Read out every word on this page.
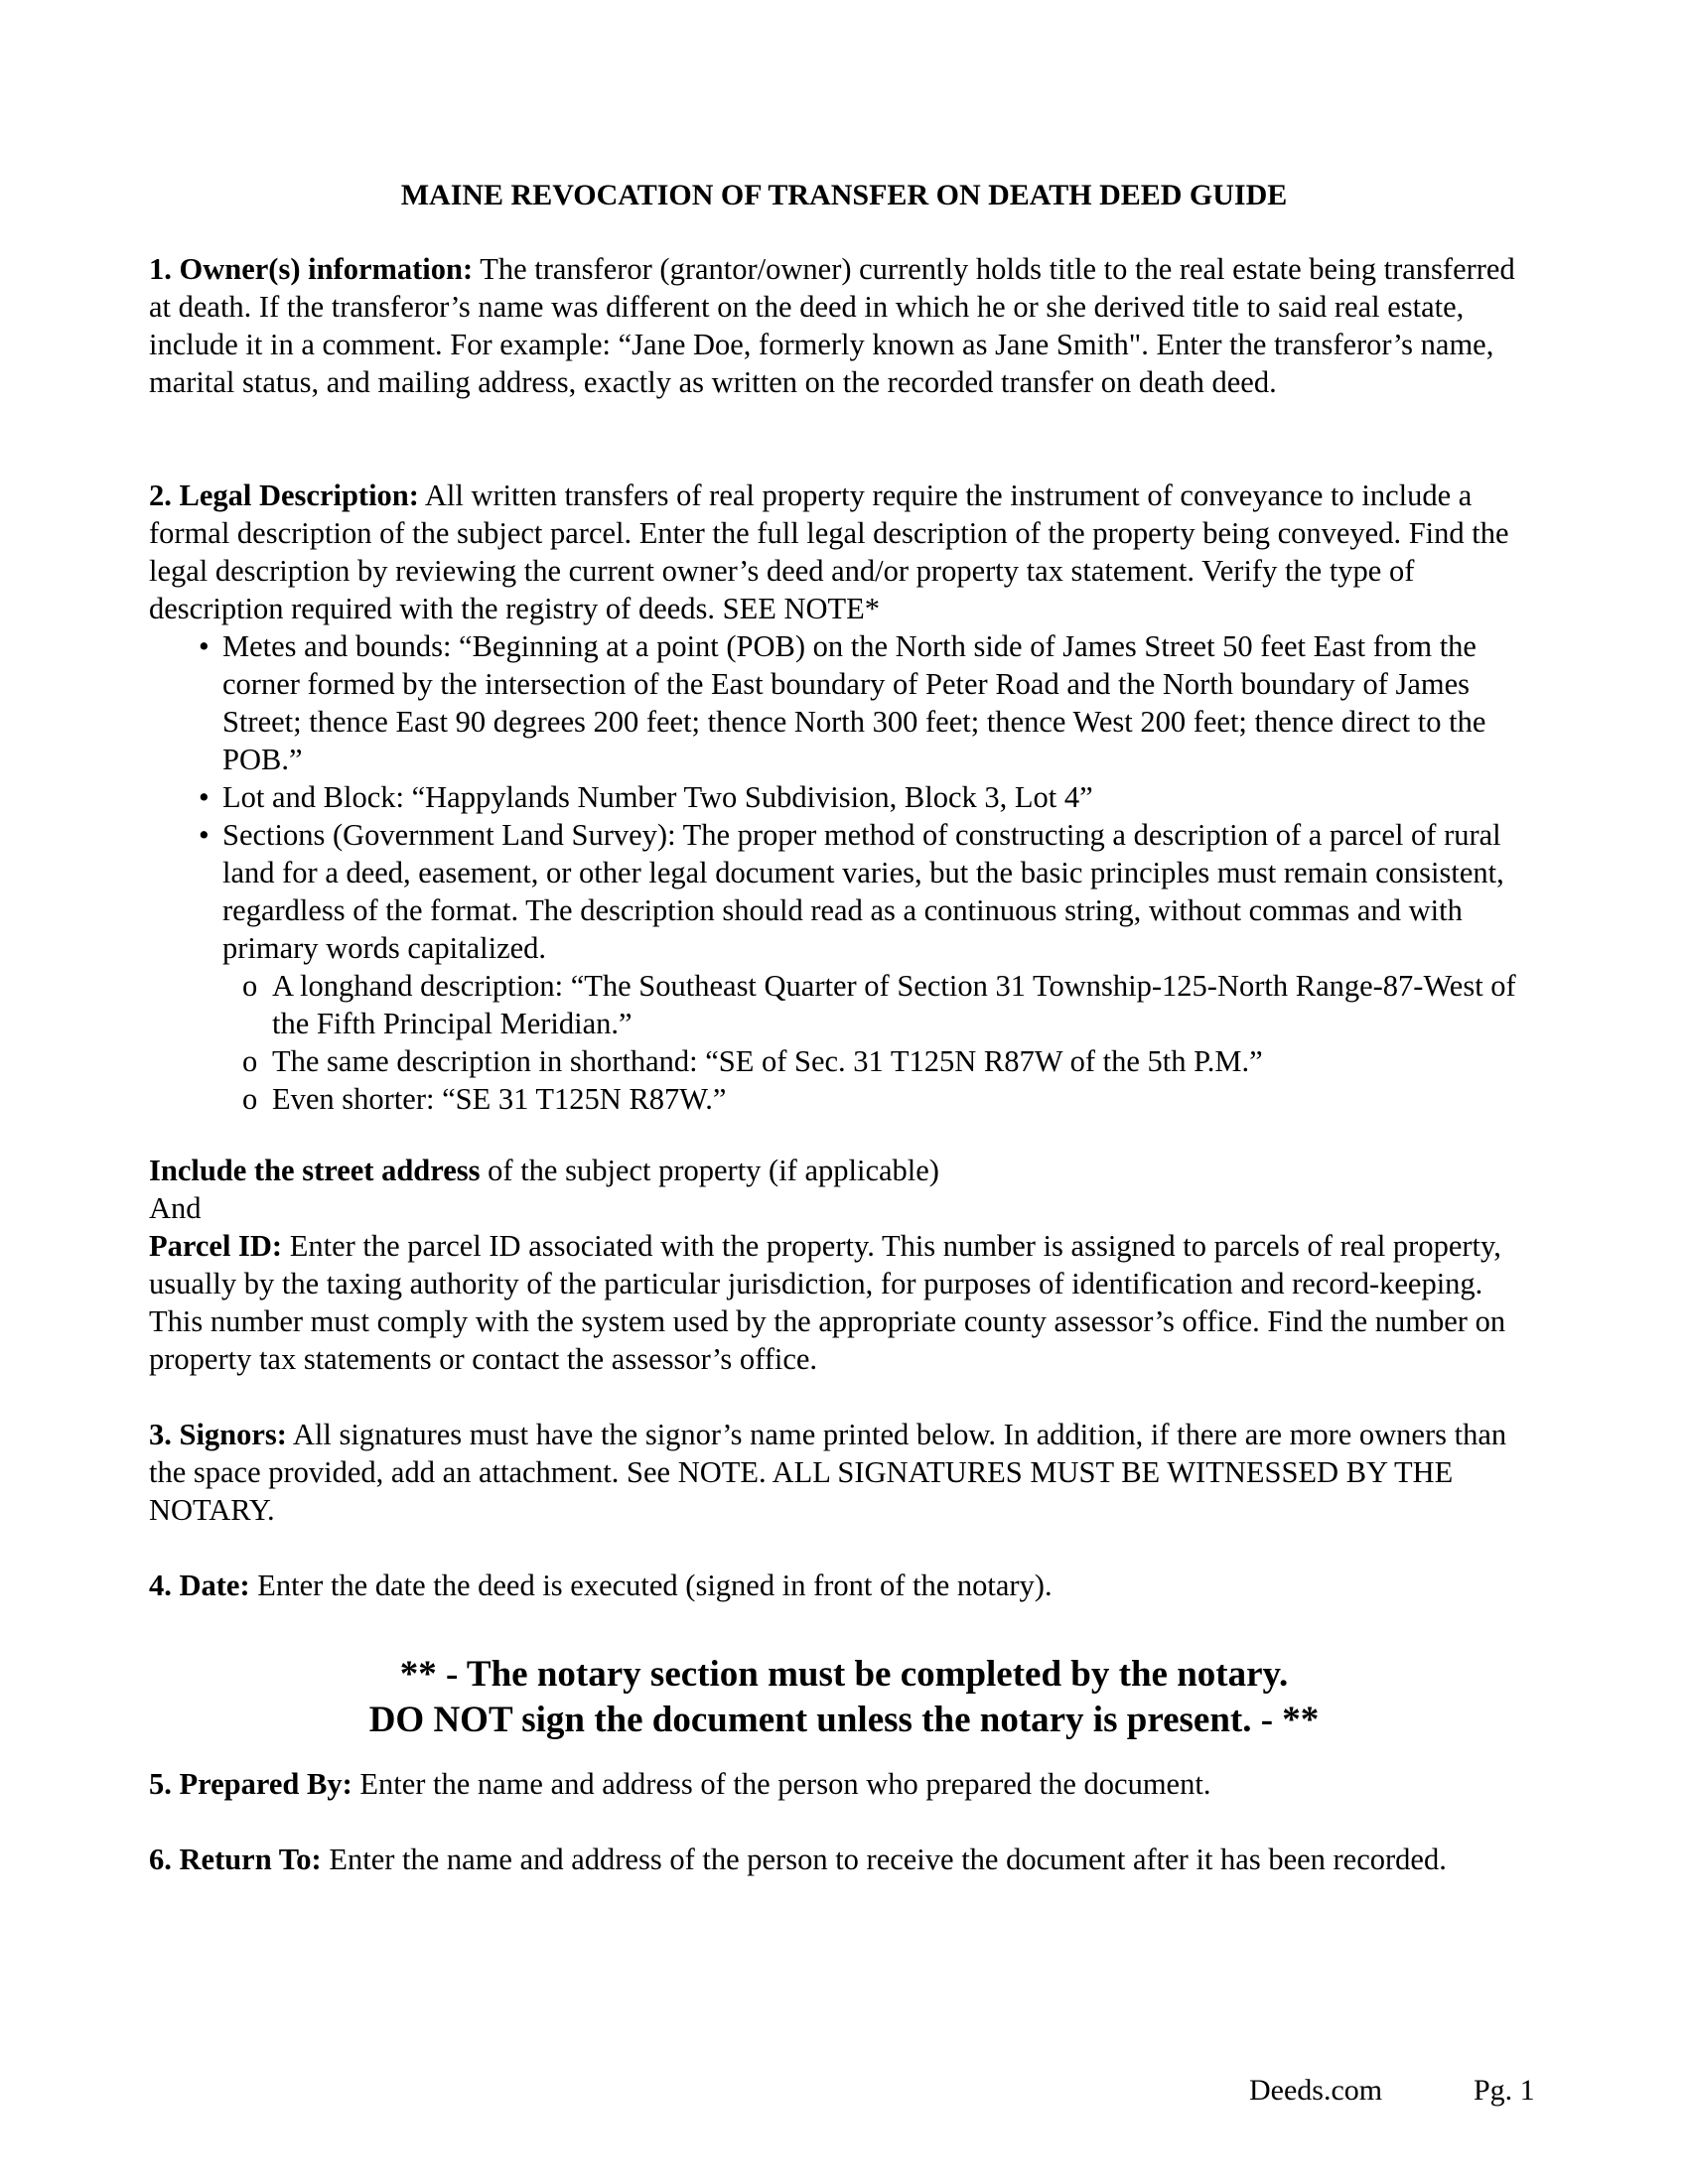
MAINE REVOCATION OF TRANSFER ON DEATH DEED GUIDE

1. Owner(s) information: The transferor (grantor/owner) currently holds title to the real estate being transferred at death. If the transferor’s name was different on the deed in which he or she derived title to said real estate, include it in a comment. For example: “Jane Doe, formerly known as Jane Smith". Enter the transferor’s name, marital status, and mailing address, exactly as written on the recorded transfer on death deed.

2. Legal Description: All written transfers of real property require the instrument of conveyance to include a formal description of the subject parcel. Enter the full legal description of the property being conveyed. Find the legal description by reviewing the current owner’s deed and/or property tax statement. Verify the type of description required with the registry of deeds. SEE NOTE*

• Metes and bounds: “Beginning at a point (POB) on the North side of James Street 50 feet East from the corner formed by the intersection of the East boundary of Peter Road and the North boundary of James Street; thence East 90 degrees 200 feet; thence North 300 feet; thence West 200 feet; thence direct to the POB.”
• Lot and Block: “Happylands Number Two Subdivision, Block 3, Lot 4”
• Sections (Government Land Survey): The proper method of constructing a description of a parcel of rural land for a deed, easement, or other legal document varies, but the basic principles must remain consistent, regardless of the format. The description should read as a continuous string, without commas and with primary words capitalized.
o A longhand description: “The Southeast Quarter of Section 31 Township-125-North Range-87-West of the Fifth Principal Meridian.”
o The same description in shorthand: “SE of Sec. 31 T125N R87W of the 5th P.M.”
o Even shorter: “SE 31 T125N R87W.”

Include the street address of the subject property (if applicable)

And

Parcel ID: Enter the parcel ID associated with the property. This number is assigned to parcels of real property, usually by the taxing authority of the particular jurisdiction, for purposes of identification and record-keeping. This number must comply with the system used by the appropriate county assessor’s office. Find the number on property tax statements or contact the assessor’s office.

3. Signors: All signatures must have the signor’s name printed below. In addition, if there are more owners than the space provided, add an attachment. See NOTE. ALL SIGNATURES MUST BE WITNESSED BY THE NOTARY.

4. Date: Enter the date the deed is executed (signed in front of the notary).

** - The notary section must be completed by the notary.
DO NOT sign the document unless the notary is present. - **

5. Prepared By: Enter the name and address of the person who prepared the document.

6. Return To: Enter the name and address of the person to receive the document after it has been recorded.

Deeds.com	Pg. 1
